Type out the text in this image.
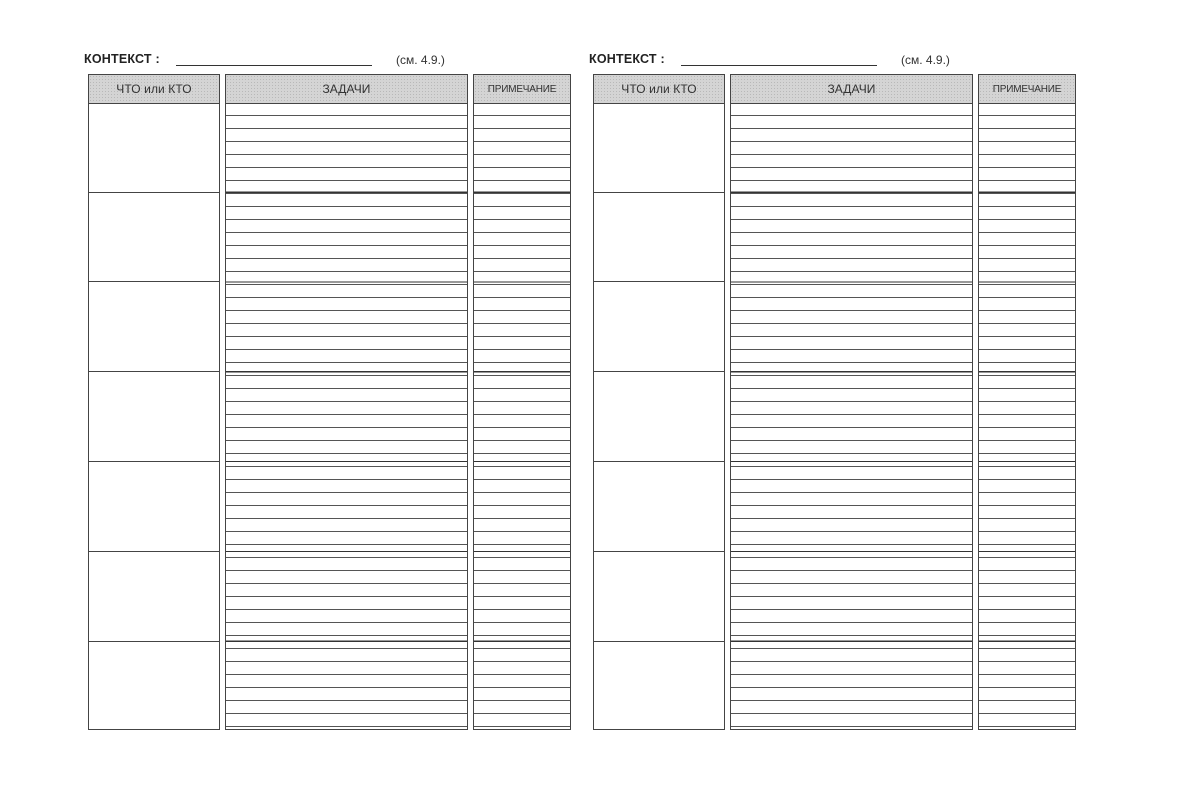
КОНТЕКСТ :	(см. 4.9.)
ЧТО или КТО	ЗАДАЧИ	ПРИМЕЧАНИЕ
КОНТЕКСТ :	(см. 4.9.)
ЧТО или КТО	ЗАДАЧИ	ПРИМЕЧАНИЕ
